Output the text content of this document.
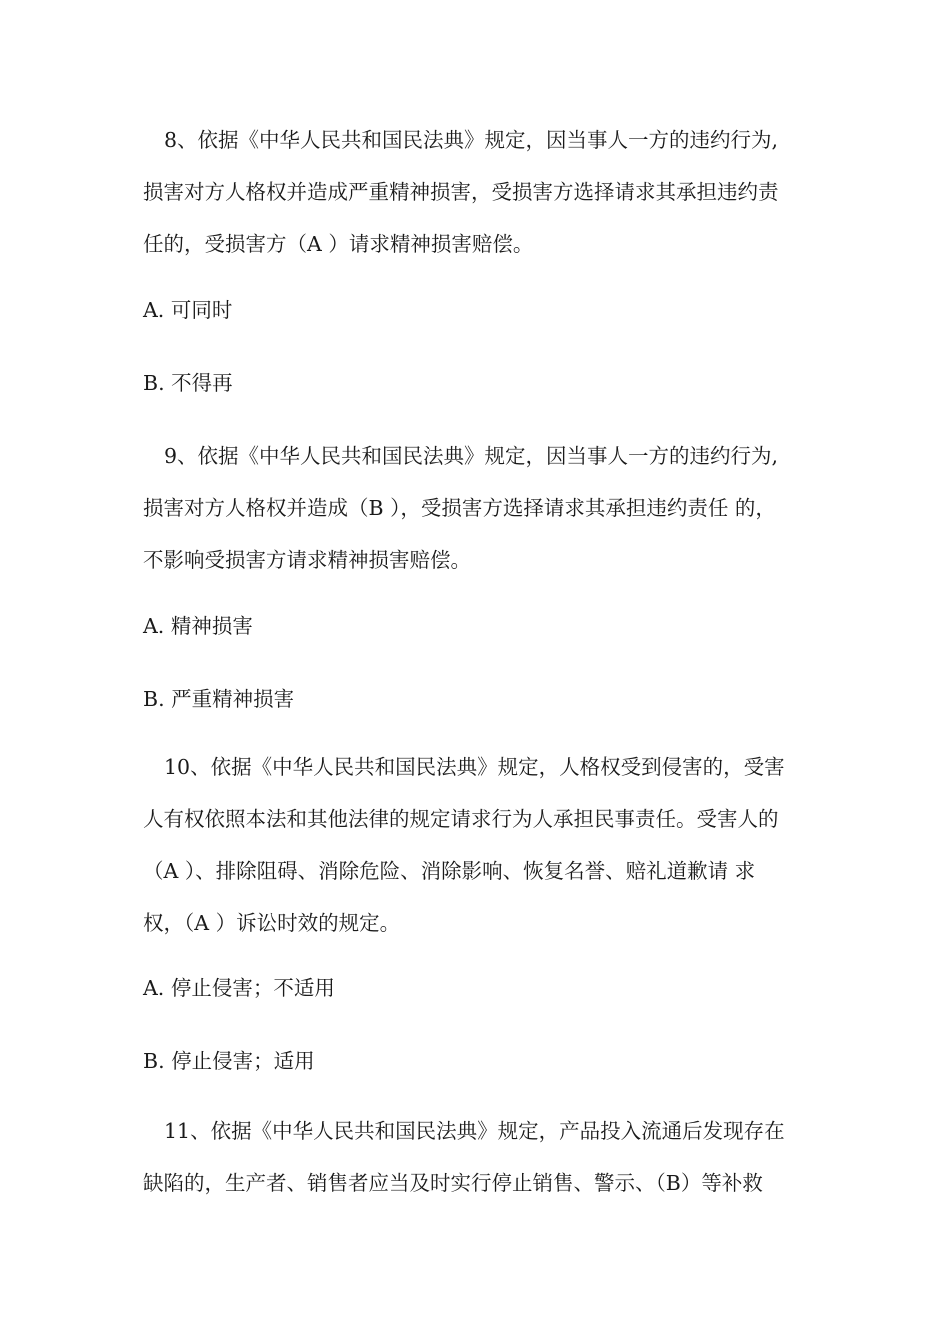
8、依据《中华人民共和国民法典》规定，因当事人一方的违约行为,
损害对方人格权并造成严重精神损害，受损害方选择请求其承担违约责
任的，受损害方（A ）请求精神损害赔偿。

A. 可同时

B. 不得再

9、依据《中华人民共和国民法典》规定，因当事人一方的违约行为,
损害对方人格权并造成（B ），受损害方选择请求其承担违约责任 的，
不影响受损害方请求精神损害赔偿。

A. 精神损害

B. 严重精神损害

10、依据《中华人民共和国民法典》规定，人格权受到侵害的，受害
人有权依照本法和其他法律的规定请求行为人承担民事责任。受害人的
（A ）、排除阻碍、消除危险、消除影响、恢复名誉、赔礼道歉请 求
权，（A ）诉讼时效的规定。

A. 停止侵害；不适用

B. 停止侵害；适用

11、依据《中华人民共和国民法典》规定，产品投入流通后发现存在
缺陷的，生产者、销售者应当及时实行停止销售、警示、（B）等补救
